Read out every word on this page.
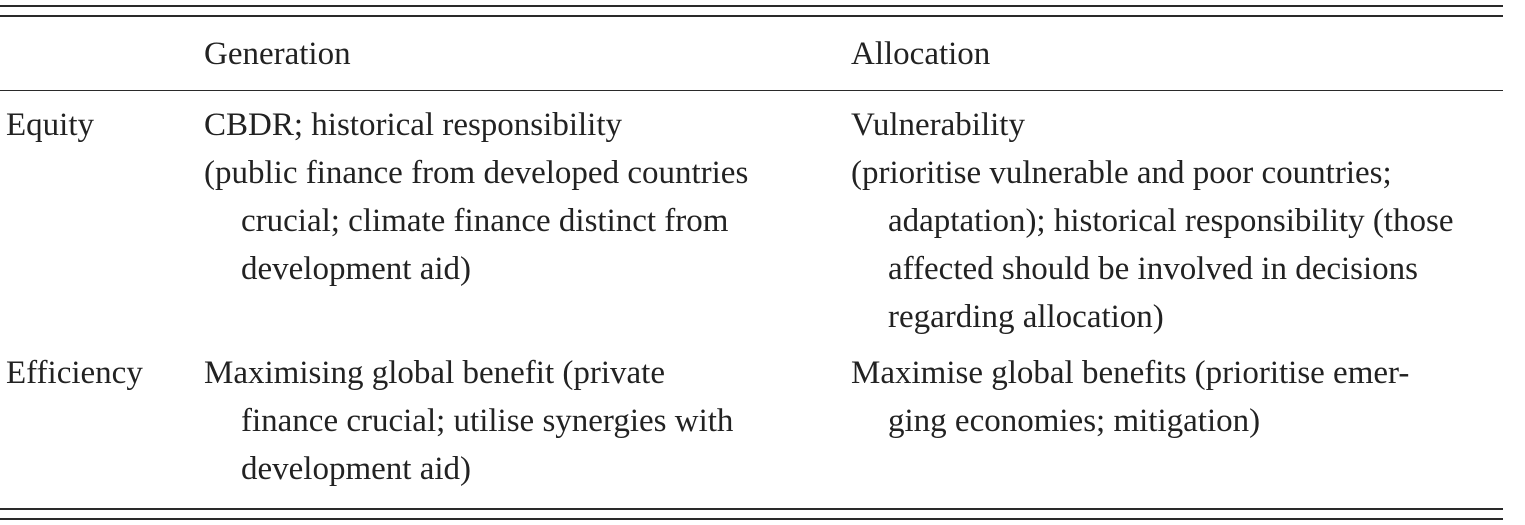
Generation	Allocation
Equity	CBDR; historical responsibility
(public finance from developed countries
crucial; climate finance distinct from
development aid)
Vulnerability
(prioritise vulnerable and poor countries;
adaptation); historical responsibility (those
affected should be involved in decisions
regarding allocation)
Efficiency Maximising global benefit (private
finance crucial; utilise synergies with
development aid)
Maximise global benefits (prioritise emer-
ging economies; mitigation)
